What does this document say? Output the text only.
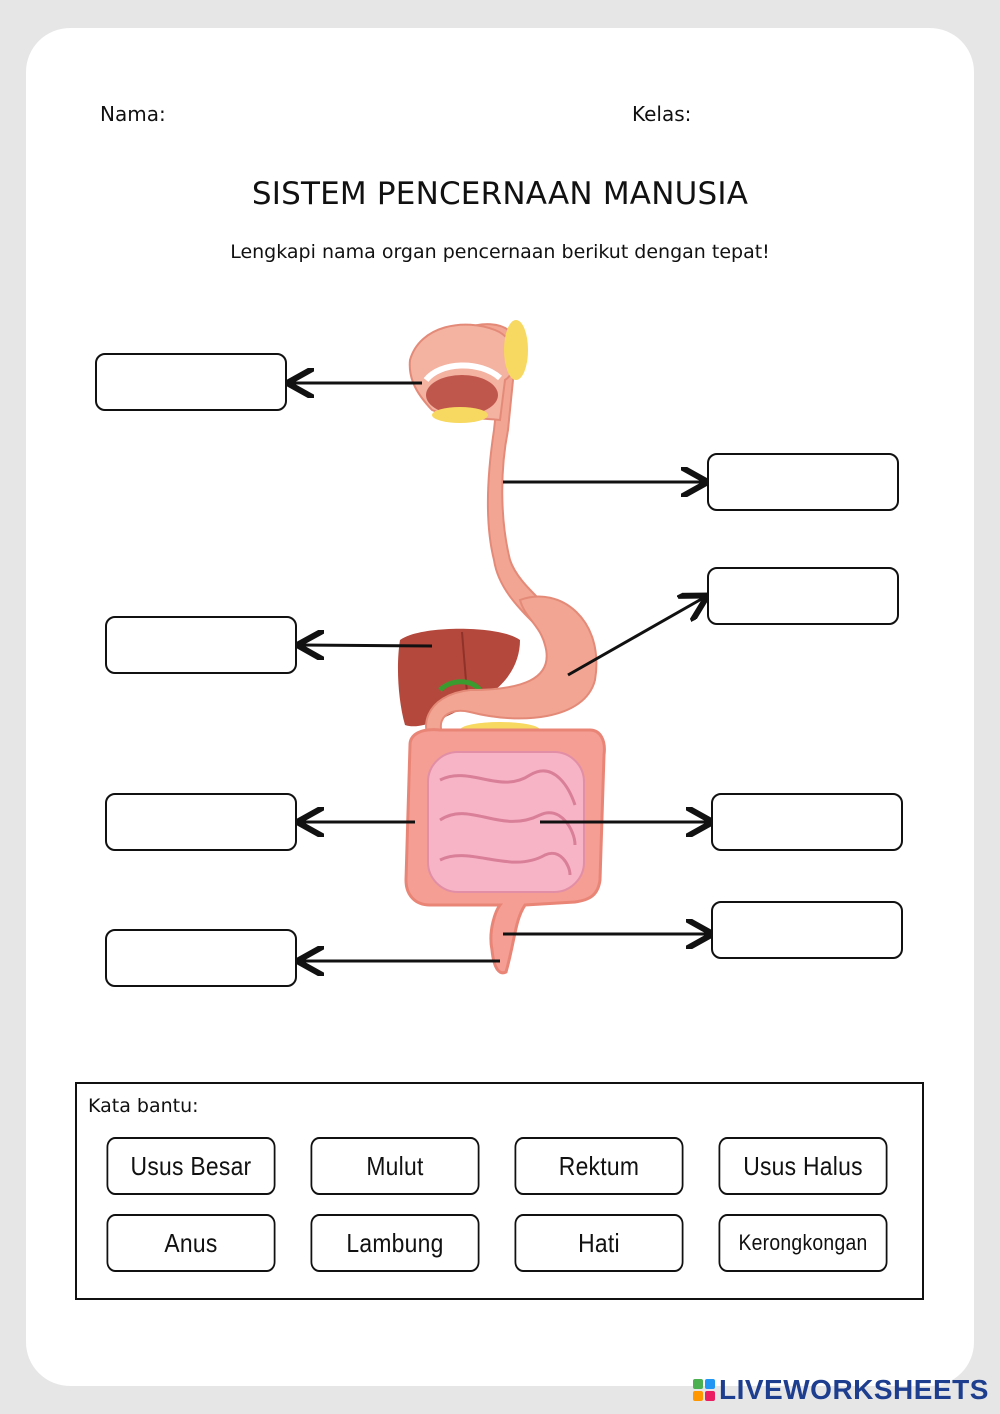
Nama:	Kelas:
SISTEM PENCERNAAN MANUSIA
Lengkapi nama organ pencernaan berikut dengan tepat!
Kata bantu:
Usus Besar	Mulut	Rektum	Usus Halus
Anus	Lambung	Hati	Kerongkongan
LIVEWORKSHEETS
